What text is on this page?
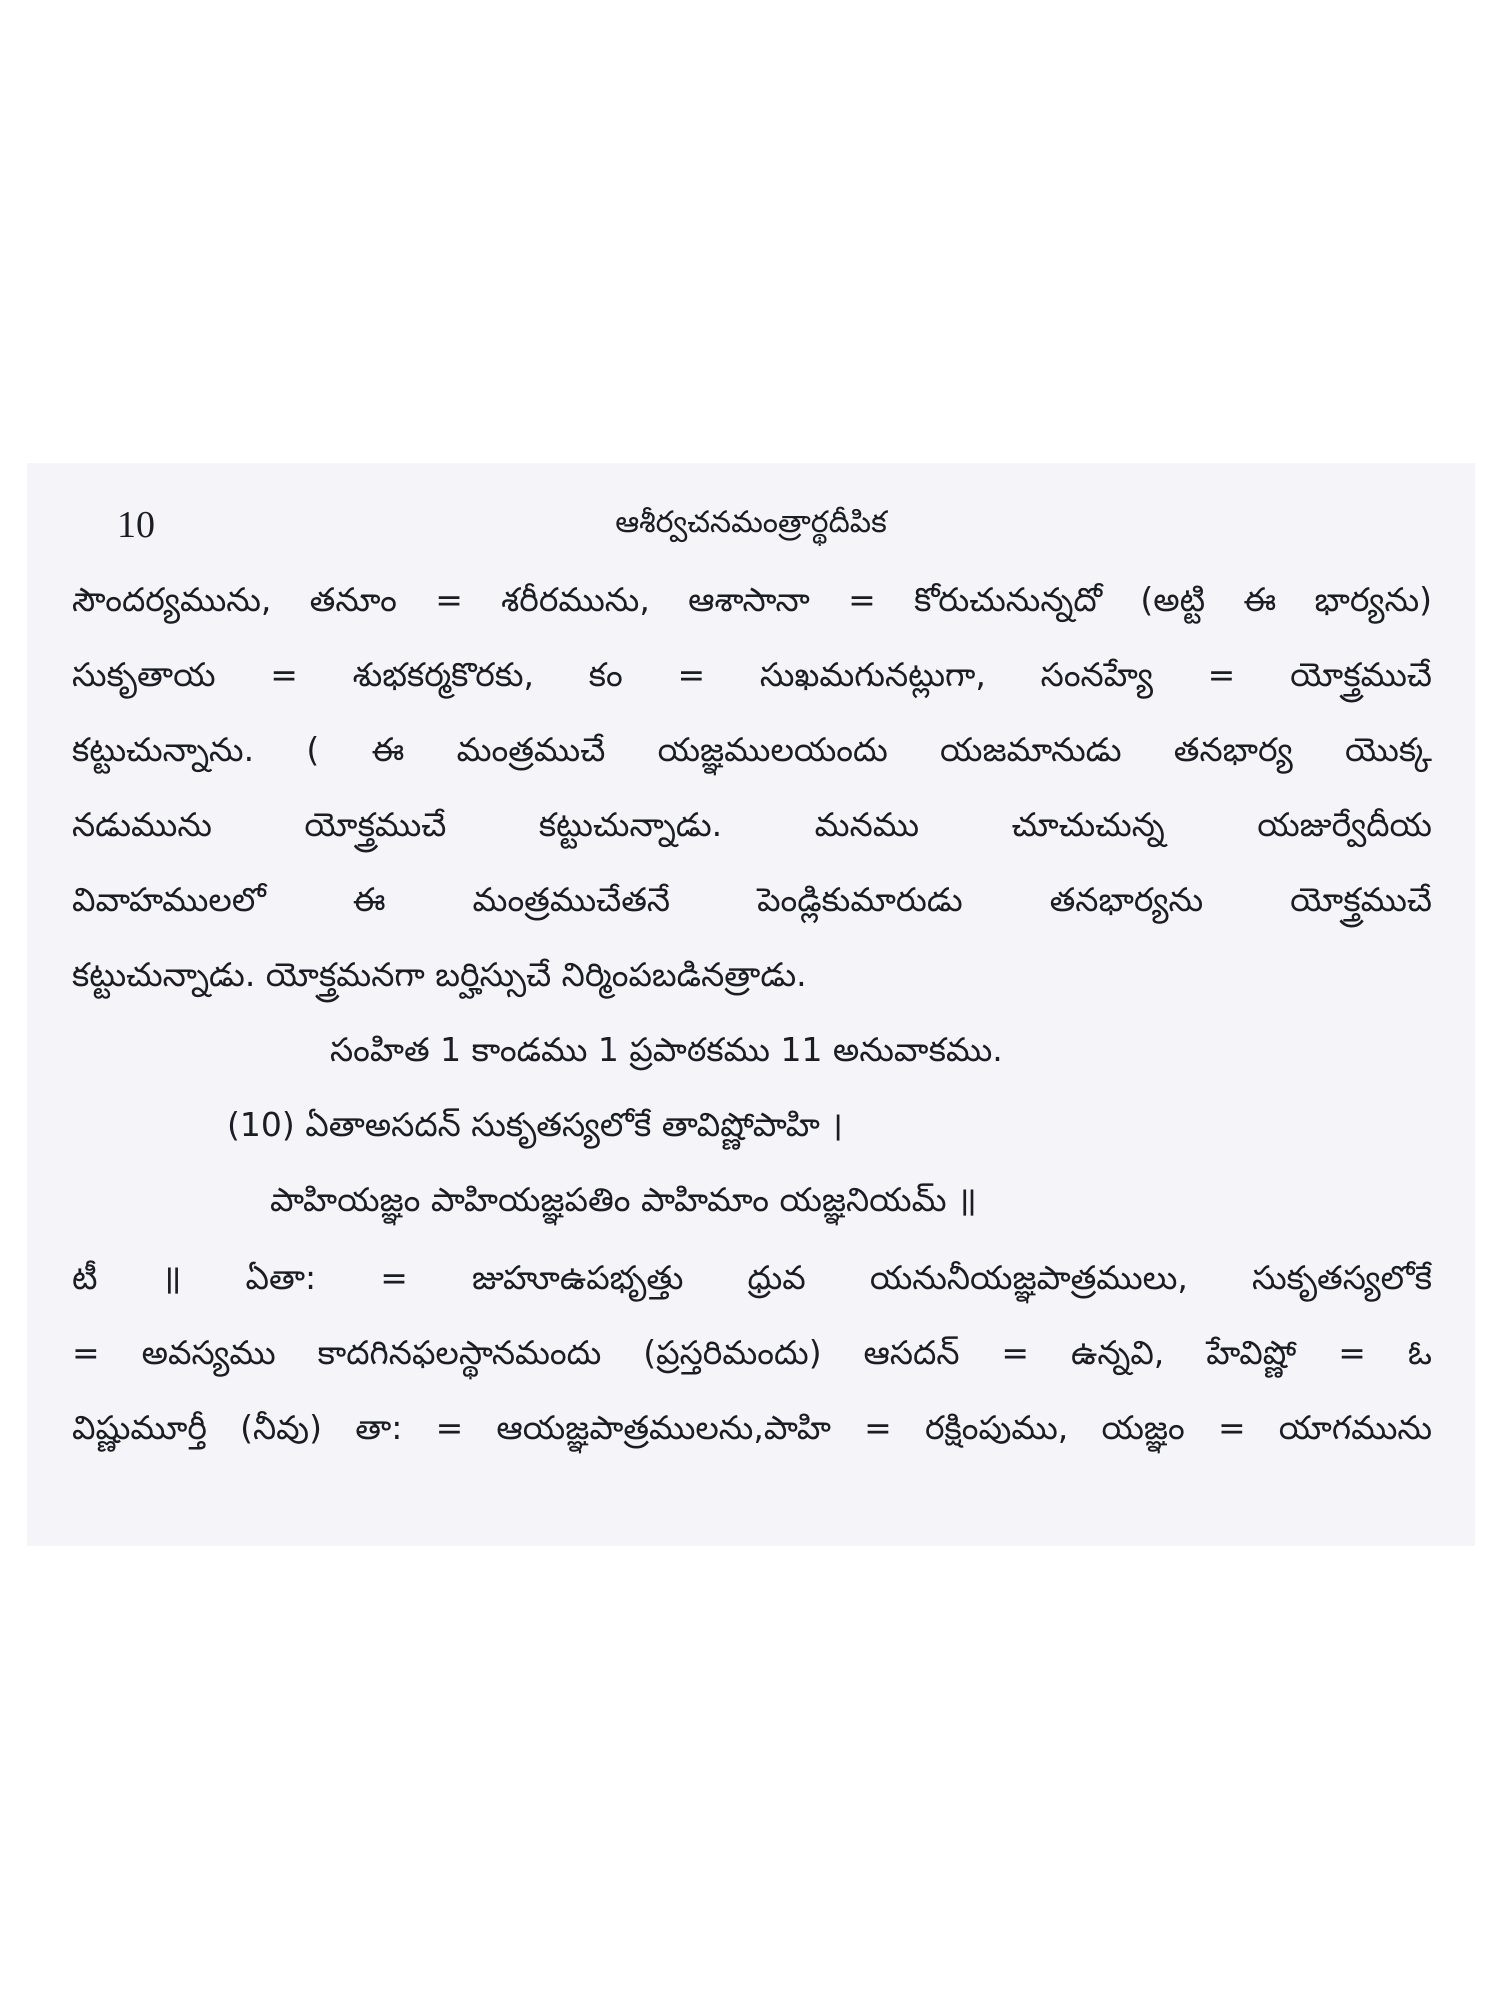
10	ఆశీర్వచనమంత్రార్థదీపిక
సౌందర్యమును, తనూం = శరీరమును, ఆశాసానా = కోరుచునున్నదో (అట్టి ఈ భార్యను)
సుకృతాయ = శుభకర్మకొరకు, కం = సుఖమగునట్లుగా, సంనహ్యే = యోక్త్రముచే
కట్టుచున్నాను. ( ఈ మంత్రముచే యజ్ఞములయందు యజమానుడు తనభార్య యొక్క
నడుమును యోక్త్రముచే కట్టుచున్నాడు. మనము చూచుచున్న యజుర్వేదీయ
వివాహములలో ఈ మంత్రముచేతనే పెండ్లికుమారుడు తనభార్యను యోక్త్రముచే
కట్టుచున్నాడు. యోక్త్రమనగా బర్హిస్సుచే నిర్మింపబడినత్రాడు.
సంహిత 1 కాండము 1 ప్రపాఠకము 11 అనువాకము.
(10) ఏతాఅసదన్ సుకృతస్యలోకే తావిష్ణోపాహి ।
పాహియజ్ఞం పాహియజ్ఞపతిం పాహిమాం యజ్ఞనియమ్ ॥
టీ ॥ ఏతా: = జుహూఉపభృత్తు ధ్రువ యనునీయజ్ఞపాత్రములు, సుకృతస్యలోకే
= అవస్యము కాదగినఫలస్థానమందు (ప్రస్తరిమందు) ఆసదన్ = ఉన్నవి, హేవిష్ణో = ఓ
విష్ణుమూర్తీ (నీవు) తా: = ఆయజ్ఞపాత్రములను,పాహి = రక్షింపుము, యజ్ఞం = యాగమును
